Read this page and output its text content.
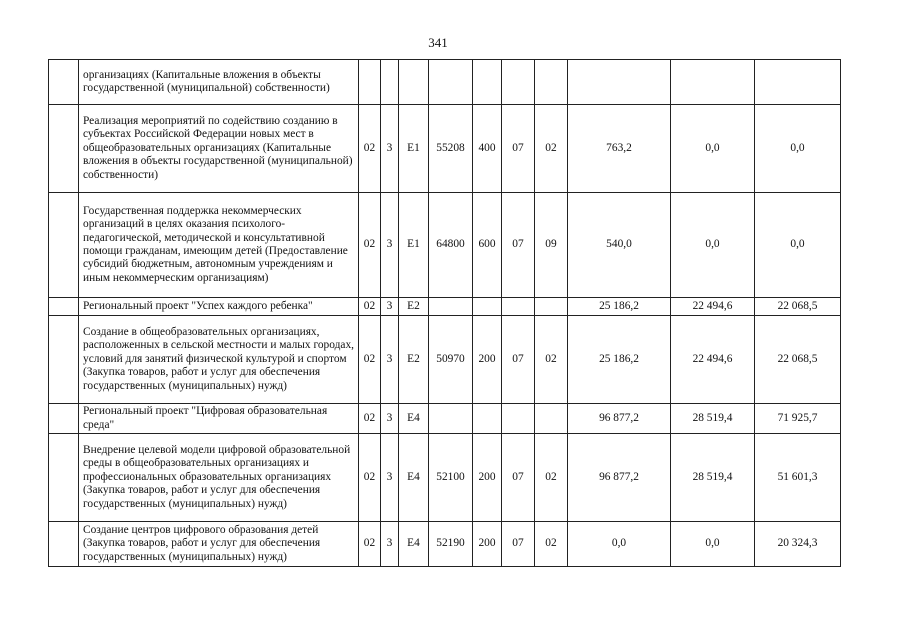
341
	организациях (Капитальные вложения в объекты государственной (муниципальной) собственности)										
	Реализация мероприятий по содействию созданию в субъектах Российской Федерации новых мест в общеобразовательных организациях (Капитальные вложения в объекты государственной (муниципальной) собственности)	02	3	E1	55208	400	07	02	763,2	0,0	0,0
	Государственная поддержка некоммерческих организаций в целях оказания психолого-педагогической, методической и консультативной помощи гражданам, имеющим детей (Предоставление субсидий бюджетным, автономным учреждениям и иным некоммерческим организациям)	02	3	E1	64800	600	07	09	540,0	0,0	0,0
	Региональный проект "Успех каждого ребенка"	02	3	E2					25 186,2	22 494,6	22 068,5
	Создание в общеобразовательных организациях, расположенных в сельской местности и малых городах, условий для занятий физической культурой и спортом (Закупка товаров, работ и услуг для обеспечения государственных (муниципальных) нужд)	02	3	E2	50970	200	07	02	25 186,2	22 494,6	22 068,5
	Региональный проект "Цифровая образовательная среда"	02	3	E4					96 877,2	28 519,4	71 925,7
	Внедрение целевой модели цифровой образовательной среды в общеобразовательных организациях и профессиональных образовательных организациях (Закупка товаров, работ и услуг для обеспечения государственных (муниципальных) нужд)	02	3	E4	52100	200	07	02	96 877,2	28 519,4	51 601,3
	Создание центров цифрового образования детей (Закупка товаров, работ и услуг для обеспечения государственных (муниципальных) нужд)	02	3	E4	52190	200	07	02	0,0	0,0	20 324,3
